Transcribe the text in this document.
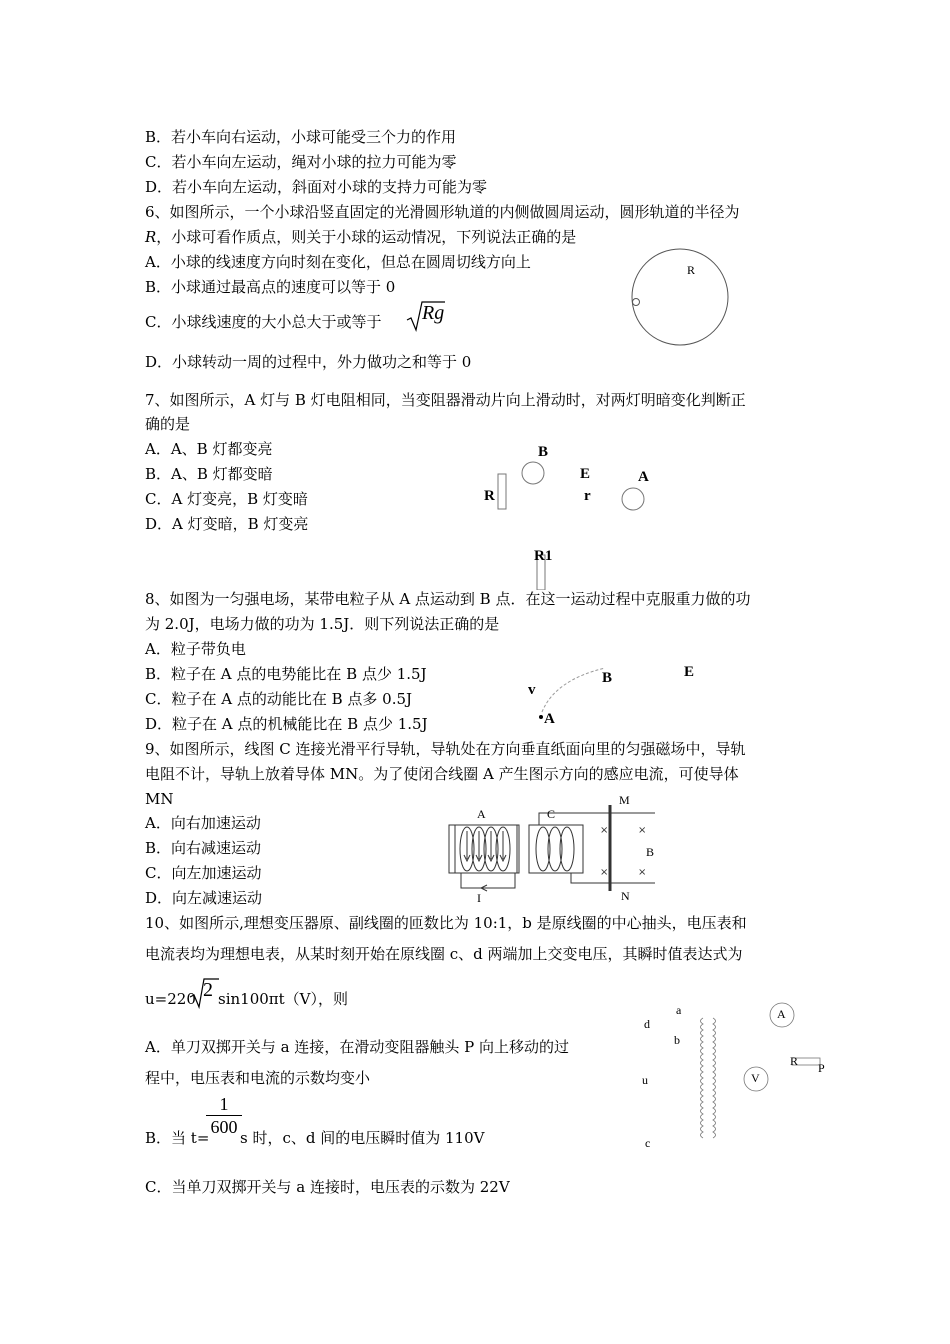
B．若小车向右运动，小球可能受三个力的作用
C．若小车向左运动，绳对小球的拉力可能为零
D．若小车向左运动，斜面对小球的支持力可能为零
6、如图所示，一个小球沿竖直固定的光滑圆形轨道的内侧做圆周运动，圆形轨道的半径为
R，小球可看作质点，则关于小球的运动情况，下列说法正确的是
A．小球的线速度方向时刻在变化，但总在圆周切线方向上
B．小球通过最高点的速度可以等于 0
C．小球线速度的大小总大于或等于 Rg
D．小球转动一周的过程中，外力做功之和等于 0
7、如图所示，A 灯与 B 灯电阻相同，当变阻器滑动片向上滑动时，对两灯明暗变化判断正
确的是
A．A、B 灯都变亮
B．A、B 灯都变暗
C．A 灯变亮，B 灯变暗
D．A 灯变暗，B 灯变亮
8、如图为一匀强电场，某带电粒子从 A 点运动到 B 点．在这一运动过程中克服重力做的功
为 2.0J，电场力做的功为 1.5J．则下列说法正确的是
A．粒子带负电
B．粒子在 A 点的电势能比在 B 点少 1.5J
C．粒子在 A 点的动能比在 B 点多 0.5J
D．粒子在 A 点的机械能比在 B 点少 1.5J
9、如图所示，线图 C 连接光滑平行导轨，导轨处在方向垂直纸面向里的匀强磁场中，导轨
电阻不计，导轨上放着导体 MN。为了使闭合线圈 A 产生图示方向的感应电流，可使导体
MN
A．向右加速运动
B．向右减速运动
C．向左加速运动
D．向左减速运动
10、如图所示,理想变压器原、副线圈的匝数比为 10:1，b 是原线圈的中心抽头，电压表和
电流表均为理想电表，从某时刻开始在原线圈 c、d 两端加上交变电压，其瞬时值表达式为
u=220 2 sin100πt（V），则
A．单刀双掷开关与 a 连接，在滑动变阻器触头 P 向上移动的过
程中，电压表和电流的示数均变小
B．当 t=
$\frac{1}{600}$
s 时，c、d 间的电压瞬时值为 110V
C．当单刀双掷开关与 a 连接时，电压表的示数为 22V
R
B
E	A
R	r
R1
B	E
v
A
×	×
×	×
A	C
M
N
B
I
a
d
b
u
c
A
V
R P
